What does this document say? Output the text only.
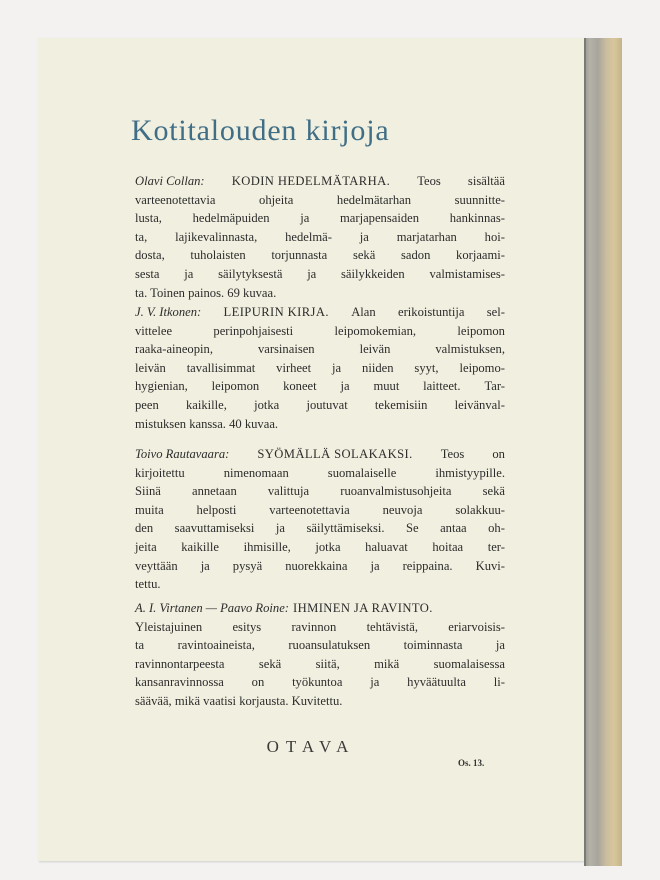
Kotitalouden kirjoja
Olavi Collan: KODIN HEDELMÄTARHA. Teos sisältää
varteenotettavia	ohjeita	hedelmätarhan	suunnitte-
lusta, hedelmäpuiden ja marjapensaiden hankinnas-
ta, lajikevalinnasta, hedelmä- ja marjatarhan hoi-
dosta, tuholaisten torjunnasta sekä sadon korjaami-
sesta ja säilytyksestä ja säilykkeiden valmistamises-
ta. Toinen painos. 69 kuvaa.
J. V. Itkonen: LEIPURIN KIRJA. Alan erikoistuntija sel-
vittelee	perinpohjaisesti	leipomokemian,	leipomon
raaka-aineopin,	varsinaisen	leivän	valmistuksen,
leivän tavallisimmat virheet ja niiden syyt, leipomo-
hygienian, leipomon koneet ja muut laitteet. Tar-
peen kaikille, jotka joutuvat tekemisiin leivänval-
mistuksen kanssa. 40 kuvaa.
Toivo Rautavaara: SYÖMÄLLÄ SOLAKAKSI. Teos on
kirjoitettu	nimenomaan	suomalaiselle	ihmistyypille.
Siinä annetaan valittuja ruoanvalmistusohjeita sekä
muita	helposti	varteenotettavia	neuvoja	solakkuu-
den saavuttamiseksi ja säilyttämiseksi. Se antaa oh-
jeita kaikille ihmisille, jotka haluavat hoitaa ter-
veyttään ja pysyä nuorekkaina ja reippaina. Kuvi-
tettu.
A. I. Virtanen — Paavo Roine: IHMINEN JA RAVINTO.
Yleistajuinen esitys ravinnon tehtävistä, eriarvoisis-
ta	ravintoaineista,	ruoansulatuksen	toiminnasta	ja
ravinnontarpeesta	sekä	siitä,	mikä	suomalaisessa
kansanravinnossa on työkuntoa ja hyväätuulta li-
säävää, mikä vaatisi korjausta. Kuvitettu.
OTAVA
Os. 13.
